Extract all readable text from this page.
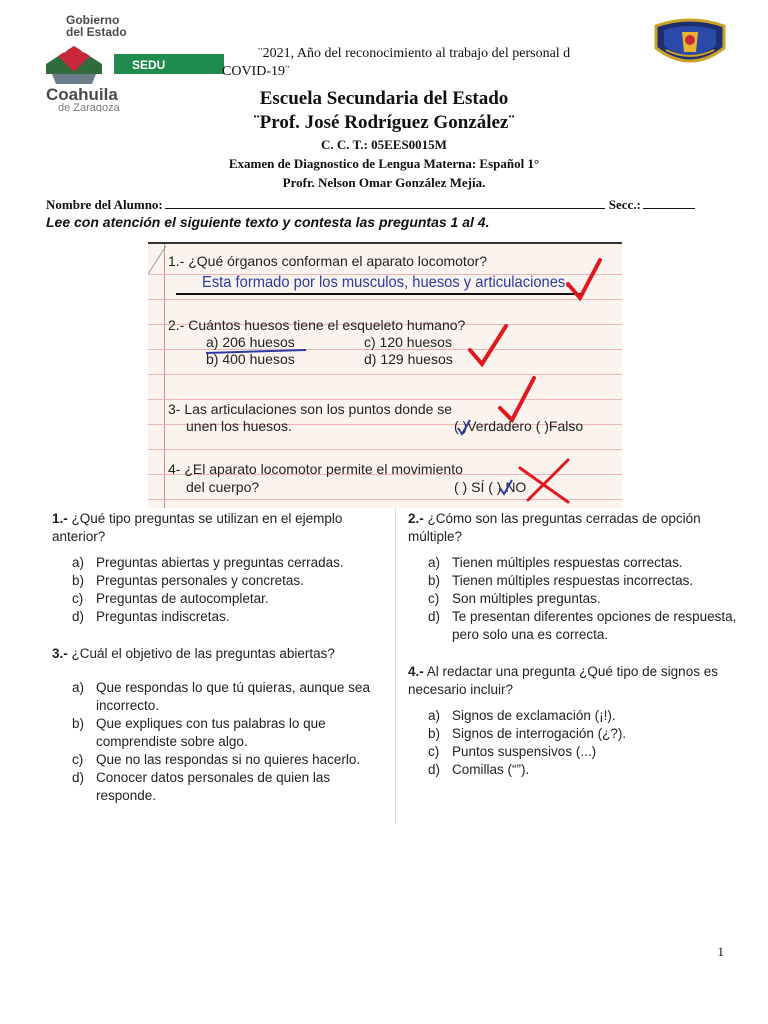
Gobierno
del Estado
SEDU
Coahuila
de Zaragoza
¨2021, Año del reconocimiento al trabajo del personal d
COVID-19¨
Escuela Secundaria del Estado
¨Prof. José Rodríguez González¨
C. C. T.: 05EES0015M
Examen de Diagnostico de Lengua Materna: Español 1°
Profr. Nelson Omar González Mejía.
Nombre del Alumno:	Secc.:
Lee con atención el siguiente texto y contesta las preguntas 1 al 4.
1.- ¿Qué órganos conforman el aparato locomotor?
Esta formado por los musculos, huesos y articulaciones.
2.- Cuántos huesos tiene el esqueleto humano?
a) 206 huesos	c) 120 huesos
b) 400 huesos	d) 129 huesos
3- Las articulaciones son los puntos donde se
unen los huesos.	( )Verdadero ( )Falso
4- ¿El aparato locomotor permite el movimiento
del cuerpo?	( ) SÍ ( ) NO
1.- ¿Qué tipo preguntas se utilizan en el ejemplo anterior?
a) Preguntas abiertas y preguntas cerradas.
b) Preguntas personales y concretas.
c) Preguntas de autocompletar.
d) Preguntas indiscretas.
2.- ¿Cómo son las preguntas cerradas de opción múltiple?
a) Tienen múltiples respuestas correctas.
b) Tienen múltiples respuestas incorrectas.
c) Son múltiples preguntas.
d) Te presentan diferentes opciones de respuesta, pero solo una es correcta.
3.- ¿Cuál el objetivo de las preguntas abiertas?
a) Que respondas lo que tú quieras, aunque sea incorrecto.
b) Que expliques con tus palabras lo que comprendiste sobre algo.
c) Que no las respondas si no quieres hacerlo.
d) Conocer datos personales de quien las responde.
4.- Al redactar una pregunta ¿Qué tipo de signos es necesario incluir?
a) Signos de exclamación (¡!).
b) Signos de interrogación (¿?).
c) Puntos suspensivos (...)
d) Comillas (“”).
1
